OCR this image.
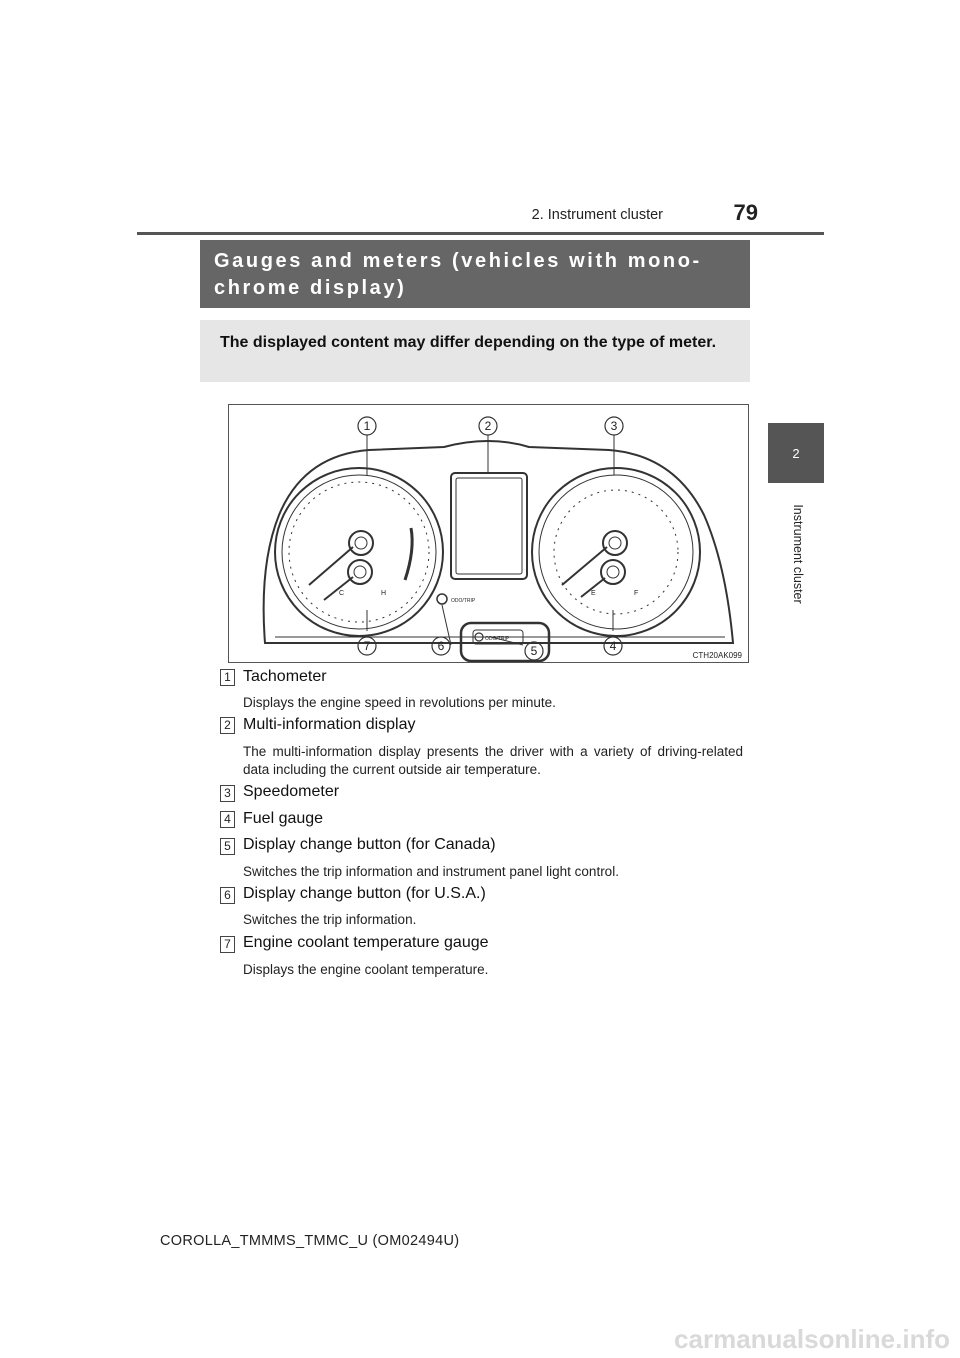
2. Instrument cluster	79
2
Instrument cluster
Gauges and meters (vehicles with mono-chrome display)
The displayed content may differ depending on the type of meter.
1	2	3
4
5
6
7
C	H	E	F
ODO/TRIP
ODO/TRIP
CTH20AK099
1 Tachometer
Displays the engine speed in revolutions per minute.
2 Multi-information display
The multi-information display presents the driver with a variety of driving-related data including the current outside air temperature.
3 Speedometer
4 Fuel gauge
5 Display change button (for Canada)
Switches the trip information and instrument panel light control.
6 Display change button (for U.S.A.)
Switches the trip information.
7 Engine coolant temperature gauge
Displays the engine coolant temperature.
COROLLA_TMMMS_TMMC_U (OM02494U)
carmanualsonline.info
